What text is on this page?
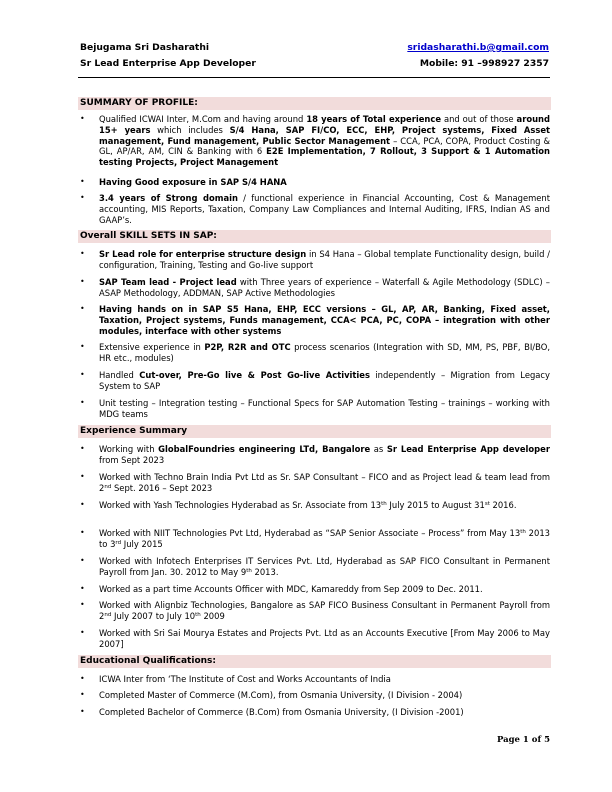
Bejugama Sri Dasharathi	sridasharathi.b@gmail.com
Sr Lead Enterprise App Developer	Mobile: 91 –998927 2357
SUMMARY OF PROFILE:
•	Qualified ICWAI Inter, M.Com and having around 18 years of Total experience and out of those around 15+ years which includes S/4 Hana, SAP FI/CO, ECC, EHP, Project systems, Fixed Asset management, Fund management, Public Sector Management – CCA, PCA, COPA, Product Costing & GL, AP/AR, AM, CIN & Banking with 6 E2E Implementation, 7 Rollout, 3 Support & 1 Automation testing Projects, Project Management
•	Having Good exposure in SAP S/4 HANA
•	3.4 years of Strong domain / functional experience in Financial Accounting, Cost & Management accounting, MIS Reports, Taxation, Company Law Compliances and Internal Auditing, IFRS, Indian AS and GAAP’s.
Overall SKILL SETS IN SAP:
•	Sr Lead role for enterprise structure design in S4 Hana – Global template Functionality design, build / configuration, Training, Testing and Go-live support
•	SAP Team lead - Project lead with Three years of experience – Waterfall & Agile Methodology (SDLC) – ASAP Methodology, ADDMAN, SAP Active Methodologies
•	Having hands on in SAP S5 Hana, EHP, ECC versions – GL, AP, AR, Banking, Fixed asset, Taxation, Project systems, Funds management, CCA< PCA, PC, COPA – integration with other modules, interface with other systems
•	Extensive experience in P2P, R2R and OTC process scenarios (Integration with SD, MM, PS, PBF, BI/BO, HR etc., modules)
•	Handled Cut-over, Pre-Go live & Post Go-live Activities independently – Migration from Legacy System to SAP
•	Unit testing – Integration testing – Functional Specs for SAP Automation Testing – trainings – working with MDG teams
Experience Summary
•	Working with GlobalFoundries engineering LTd, Bangalore as Sr Lead Enterprise App developer from Sept 2023
•	Worked with Techno Brain India Pvt Ltd as Sr. SAP Consultant – FICO and as Project lead & team lead from 2nd Sept. 2016 – Sept 2023
•	Worked with Yash Technologies Hyderabad as Sr. Associate from 13th July 2015 to August 31st 2016.
•	Worked with NIIT Technologies Pvt Ltd, Hyderabad as “SAP Senior Associate – Process” from May 13th 2013 to 3rd July 2015
•	Worked with Infotech Enterprises IT Services Pvt. Ltd, Hyderabad as SAP FICO Consultant in Permanent Payroll from Jan. 30. 2012 to May 9th 2013.
•	Worked as a part time Accounts Officer with MDC, Kamareddy from Sep 2009 to Dec. 2011.
•	Worked with Alignbiz Technologies, Bangalore as SAP FICO Business Consultant in Permanent Payroll from 2nd July 2007 to July 10th 2009
•	Worked with Sri Sai Mourya Estates and Projects Pvt. Ltd as an Accounts Executive [From May 2006 to May 2007]
Educational Qualifications:
•	ICWA Inter from ‘The Institute of Cost and Works Accountants of India
•	Completed Master of Commerce (M.Com), from Osmania University, (I Division - 2004)
•	Completed Bachelor of Commerce (B.Com) from Osmania University, (I Division -2001)
Page 1 of 5
